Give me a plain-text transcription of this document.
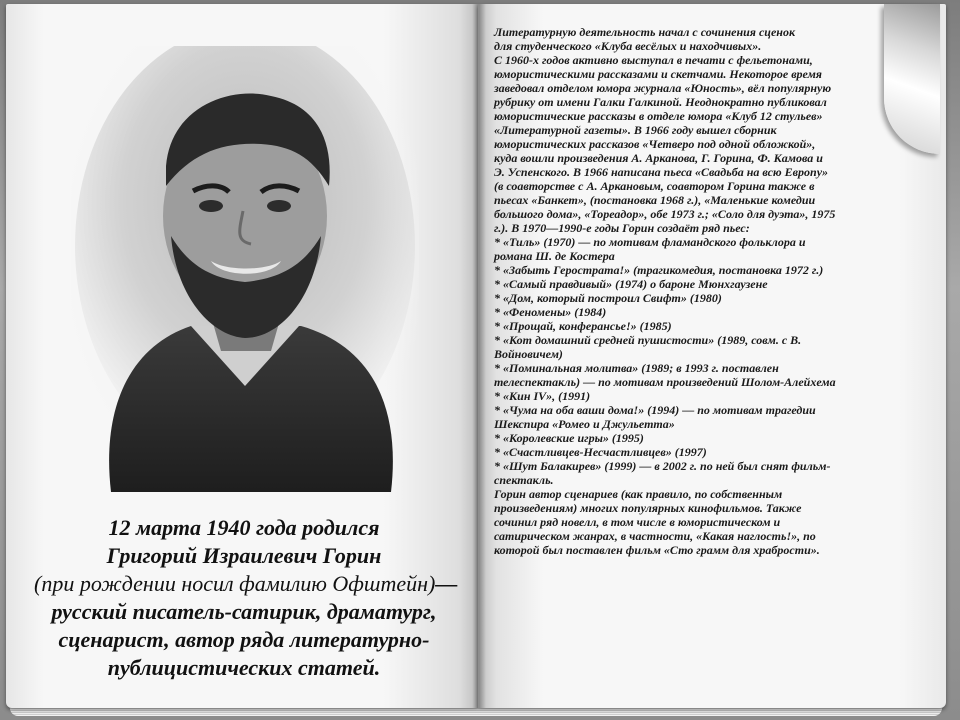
12 марта 1940 года родился
Григорий Израилевич Горин
(при рождении носил фамилию Офштейн)—
русский писатель-сатирик, драматург,
сценарист, автор ряда литературно-
публицистических статей.
Литературную деятельность начал с сочинения сценок
для студенческого «Клуба весёлых и находчивых».
С 1960-х годов активно выступал в печати с фельетонами,
юмористическими рассказами и скетчами. Некоторое время
заведовал отделом юмора журнала «Юность», вёл популярную
рубрику от имени Галки Галкиной. Неоднократно публиковал
юмористические рассказы в отделе юмора «Клуб 12 стульев»
«Литературной газеты». В 1966 году вышел сборник
юмористических рассказов «Четверо под одной обложкой»,
куда вошли произведения А. Арканова, Г. Горина, Ф. Камова и
Э. Успенского. В 1966 написана пьеса «Свадьба на всю Европу»
(в соавторстве с А. Аркановым, соавтором Горина также в
пьесах «Банкет», (постановка 1968 г.), «Маленькие комедии
большого дома», «Тореадор», обе 1973 г.; «Соло для дуэта», 1975
г.). В 1970—1990-е годы Горин создаёт ряд пьес:
* «Тиль» (1970) — по мотивам фламандского фольклора и
романа Ш. де Костера
* «Забыть Герострата!» (трагикомедия, постановка 1972 г.)
* «Самый правдивый» (1974) о бароне Мюнхгаузене
* «Дом, который построил Свифт» (1980)
* «Феномены» (1984)
* «Прощай, конферансье!» (1985)
* «Кот домашний средней пушистости» (1989, совм. с В.
Войновичем)
* «Поминальная молитва» (1989; в 1993 г. поставлен
телеспектакль) — по мотивам произведений Шолом-Алейхема
* «Кин IV», (1991)
* «Чума на оба ваши дома!» (1994) — по мотивам трагедии
Шекспира «Ромео и Джульетта»
* «Королевские игры» (1995)
* «Счастливцев-Несчастливцев» (1997)
* «Шут Балакирев» (1999) — в 2002 г. по ней был снят фильм-
спектакль.
Горин автор сценариев (как правило, по собственным
произведениям) многих популярных кинофильмов. Также
сочинил ряд новелл, в том числе в юмористическом и
сатирическом жанрах, в частности, «Какая наглость!», по
которой был поставлен фильм «Сто грамм для храбрости».
